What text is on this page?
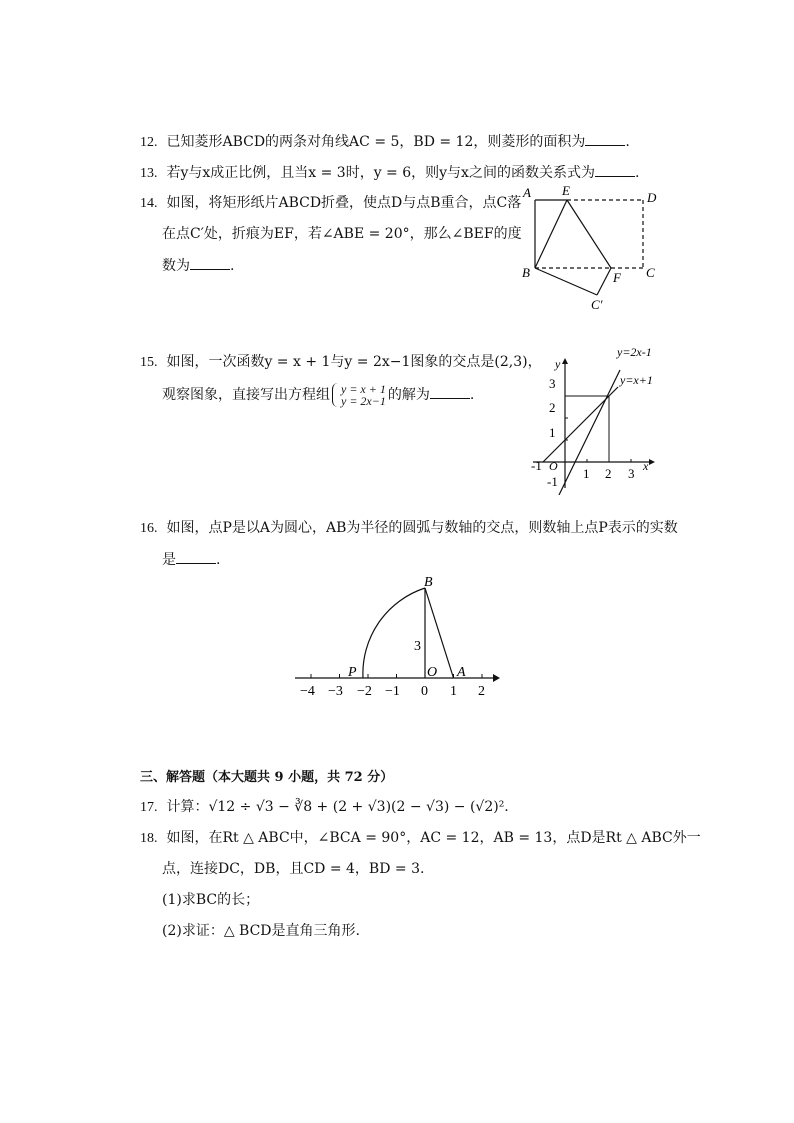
12. 已知菱形ABCD的两条对角线AC = 5，BD = 12，则菱形的面积为	.
13. 若y与x成正比例，且当x = 3时，y = 6，则y与x之间的函数关系式为	.
14. 如图，将矩形纸片ABCD折叠，使点D与点B重合，点C落
在点C′处，折痕为EF，若∠ABE = 20°，那么∠BEF的度
数为	.
A E	D
B	F C
C′
15. 如图，一次函数y = x + 1与y = 2x−1图象的交点是(2,3)，
观察图象，直接写出方程组 y = x + 1
y = 2x−1 的解为	.
y
x
y=2x-1
y=x+1
O
3
2
1
-1
-1
1 2 3
16. 如图，点P是以A为圆心，AB为半径的圆弧与数轴的交点，则数轴上点P表示的实数
是	.
B
P	O A
3
−4 −3 −2 −1 0 1 2
三、解答题（本大题共 9 小题，共 72 分）
17. 计算：√12 ÷ √3 − ∛8 + (2 + √3)(2 − √3) − (√2)².
18. 如图，在Rt △ ABC中，∠BCA = 90°，AC = 12，AB = 13，点D是Rt △ ABC外一
点，连接DC，DB，且CD = 4，BD = 3.
(1)求BC的长；
(2)求证：△ BCD是直角三角形.
